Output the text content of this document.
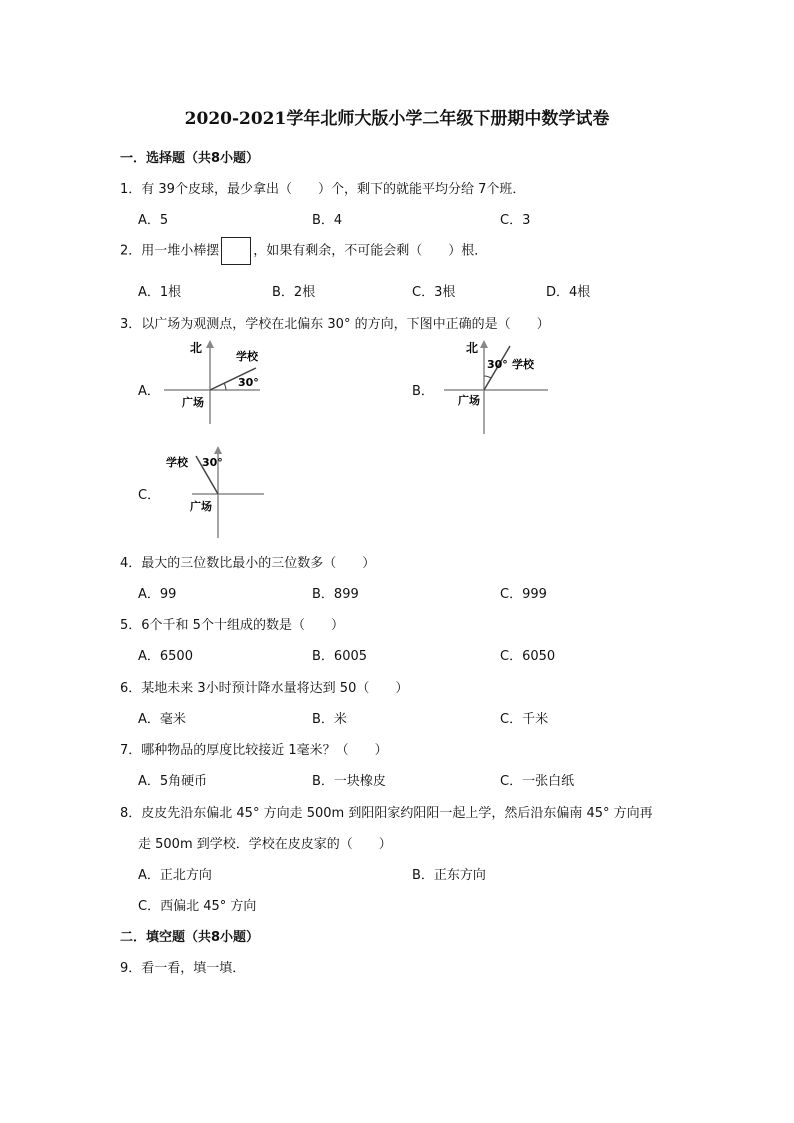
2020-2021学年北师大版小学二年级下册期中数学试卷
一．选择题（共8小题）
1．有 39个皮球，最少拿出（　　）个，剩下的就能平均分给 7个班．
A．5	B．4	C．3
2．用一堆小棒摆	，如果有剩余，不可能会剩（　　）根．
A．1根	B．2根	C．3根	D．4根
3．以广场为观测点，学校在北偏东 30° 的方向，下图中正确的是（　　）
A．
北
学校
30°
广场
B．
北
学校
30°
广场
C．
学校 30°
广场
4．最大的三位数比最小的三位数多（　　）
A．99	B．899	C．999
5．6个千和 5个十组成的数是（　　）
A．6500	B．6005	C．6050
6．某地未来 3小时预计降水量将达到 50（　　）
A．毫米	B．米	C．千米
7．哪种物品的厚度比较接近 1毫米？（　　）
A．5角硬币	B．一块橡皮	C．一张白纸
8．皮皮先沿东偏北 45° 方向走 500m 到阳阳家约阳阳一起上学，然后沿东偏南 45° 方向再
走 500m 到学校．学校在皮皮家的（　　）
A．正北方向	B．正东方向
C．西偏北 45° 方向
二．填空题（共8小题）
9．看一看，填一填．
